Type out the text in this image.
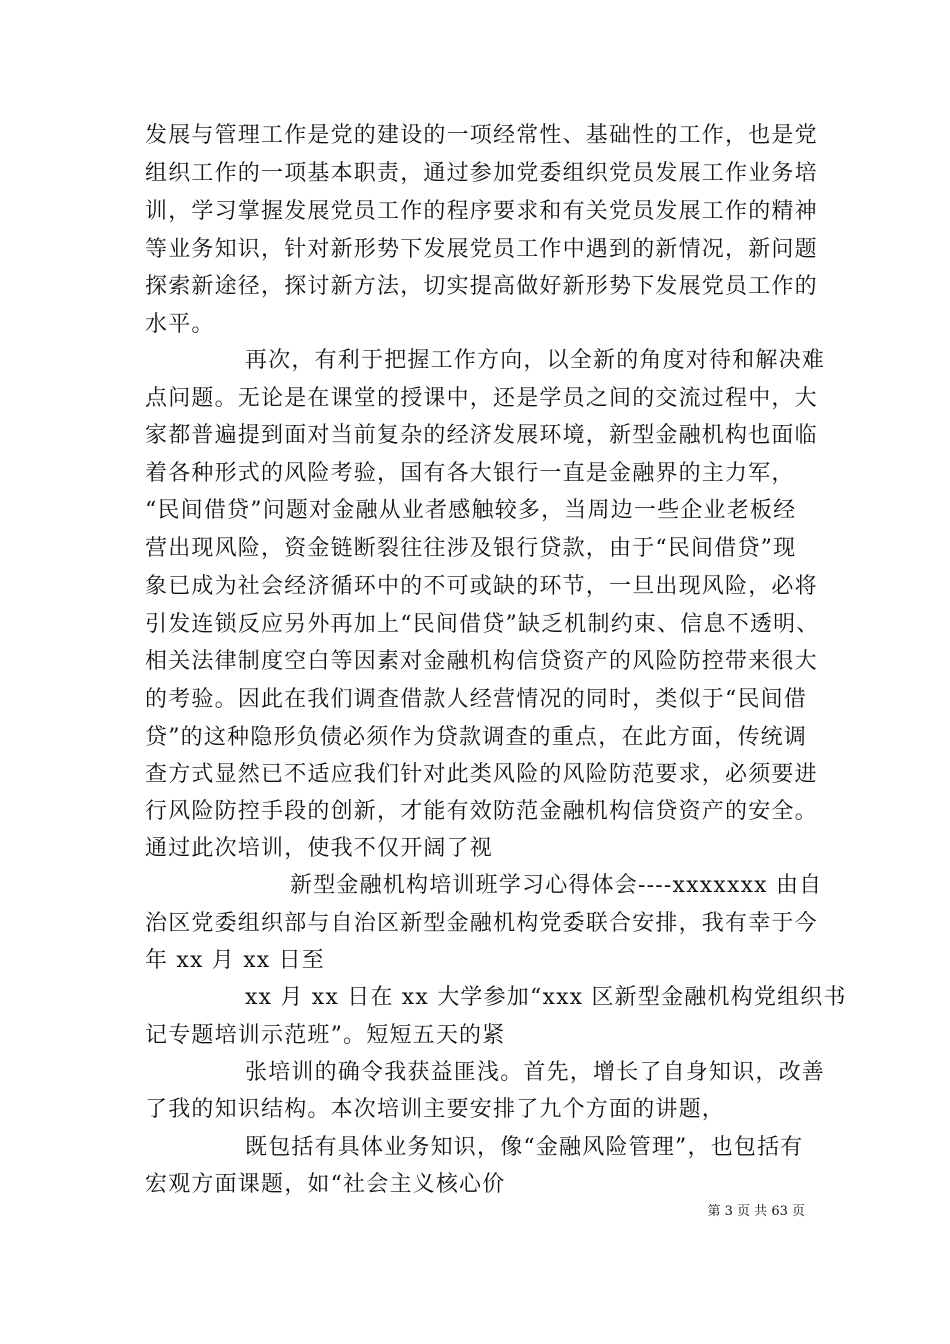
发展与管理工作是党的建设的一项经常性、基础性的工作，也是党
组织工作的一项基本职责，通过参加党委组织党员发展工作业务培
训，学习掌握发展党员工作的程序要求和有关党员发展工作的精神
等业务知识，针对新形势下发展党员工作中遇到的新情况，新问题
探索新途径，探讨新方法，切实提高做好新形势下发展党员工作的
水平。
再次，有利于把握工作方向，以全新的角度对待和解决难
点问题。无论是在课堂的授课中，还是学员之间的交流过程中，大
家都普遍提到面对当前复杂的经济发展环境，新型金融机构也面临
着各种形式的风险考验，国有各大银行一直是金融界的主力军，
“民间借贷”问题对金融从业者感触较多，当周边一些企业老板经
营出现风险，资金链断裂往往涉及银行贷款，由于“民间借贷”现
象已成为社会经济循环中的不可或缺的环节，一旦出现风险，必将
引发连锁反应另外再加上“民间借贷”缺乏机制约束、信息不透明、
相关法律制度空白等因素对金融机构信贷资产的风险防控带来很大
的考验。因此在我们调查借款人经营情况的同时，类似于“民间借
贷”的这种隐形负债必须作为贷款调查的重点，在此方面，传统调
查方式显然已不适应我们针对此类风险的风险防范要求，必须要进
行风险防控手段的创新，才能有效防范金融机构信贷资产的安全。
通过此次培训，使我不仅开阔了视
新型金融机构培训班学习心得体会----xxxxxxx 由自
治区党委组织部与自治区新型金融机构党委联合安排，我有幸于今
年 xx 月 xx 日至
xx 月 xx 日在 xx 大学参加“xxx 区新型金融机构党组织书
记专题培训示范班”。短短五天的紧
张培训的确令我获益匪浅。首先，增长了自身知识，改善
了我的知识结构。本次培训主要安排了九个方面的讲题，
既包括有具体业务知识，像“金融风险管理”，也包括有
宏观方面课题，如“社会主义核心价
第 3 页 共 63 页
